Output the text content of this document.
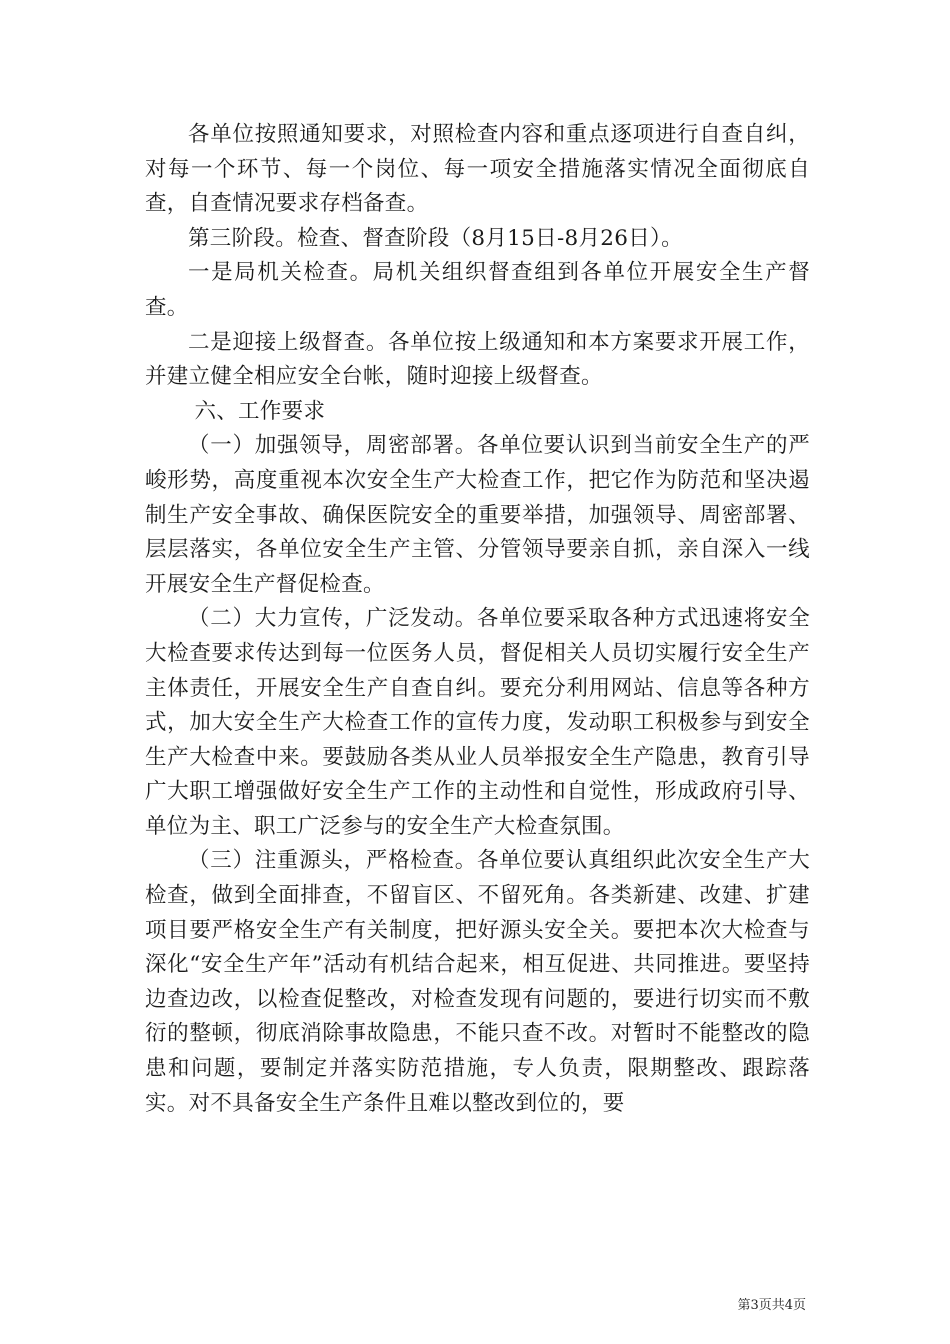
各单位按照通知要求，对照检查内容和重点逐项进行自查自纠，对每一个环节、每一个岗位、每一项安全措施落实情况全面彻底自查，自查情况要求存档备查。

第三阶段。检查、督查阶段（8月15日-8月26日）。

一是局机关检查。局机关组织督查组到各单位开展安全生产督查。

二是迎接上级督查。各单位按上级通知和本方案要求开展工作，并建立健全相应安全台帐，随时迎接上级督查。

六、工作要求

（一）加强领导，周密部署。各单位要认识到当前安全生产的严峻形势，高度重视本次安全生产大检查工作，把它作为防范和坚决遏制生产安全事故、确保医院安全的重要举措，加强领导、周密部署、层层落实，各单位安全生产主管、分管领导要亲自抓，亲自深入一线开展安全生产督促检查。

（二）大力宣传，广泛发动。各单位要采取各种方式迅速将安全大检查要求传达到每一位医务人员，督促相关人员切实履行安全生产主体责任，开展安全生产自查自纠。要充分利用网站、信息等各种方式，加大安全生产大检查工作的宣传力度，发动职工积极参与到安全生产大检查中来。要鼓励各类从业人员举报安全生产隐患，教育引导广大职工增强做好安全生产工作的主动性和自觉性，形成政府引导、单位为主、职工广泛参与的安全生产大检查氛围。

（三）注重源头，严格检查。各单位要认真组织此次安全生产大检查，做到全面排查，不留盲区、不留死角。各类新建、改建、扩建项目要严格安全生产有关制度，把好源头安全关。要把本次大检查与深化“安全生产年”活动有机结合起来，相互促进、共同推进。要坚持边查边改，以检查促整改，对检查发现有问题的，要进行切实而不敷衍的整顿，彻底消除事故隐患，不能只查不改。对暂时不能整改的隐患和问题，要制定并落实防范措施，专人负责，限期整改、跟踪落实。对不具备安全生产条件且难以整改到位的，要

第3页共4页
